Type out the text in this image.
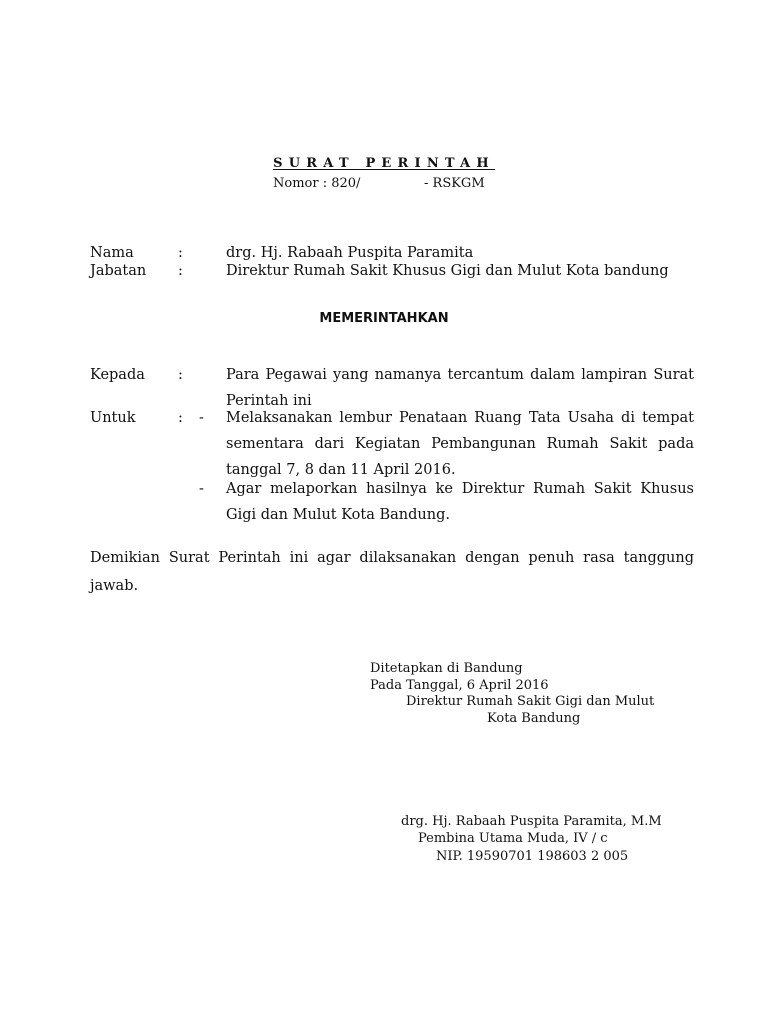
SURAT PERINTAH
Nomor : 820/	- RSKGM
Nama	:	drg. Hj. Rabaah Puspita Paramita
Jabatan :	Direktur Rumah Sakit Khusus Gigi dan Mulut Kota bandung
MEMERINTAHKAN
Kepada :	Para Pegawai yang namanya tercantum dalam lampiran Surat
Perintah ini
Untuk	: - Melaksanakan lembur Penataan Ruang Tata Usaha di tempat
sementara dari Kegiatan Pembangunan Rumah Sakit pada
tanggal 7, 8 dan 11 April 2016.
- Agar melaporkan hasilnya ke Direktur Rumah Sakit Khusus
Gigi dan Mulut Kota Bandung.
Demikian Surat Perintah ini agar dilaksanakan dengan penuh rasa tanggung
jawab.
Ditetapkan di Bandung
Pada Tanggal, 6 April 2016
Direktur Rumah Sakit Gigi dan Mulut
Kota Bandung
drg. Hj. Rabaah Puspita Paramita, M.M
Pembina Utama Muda, IV / c
NIP. 19590701 198603 2 005
